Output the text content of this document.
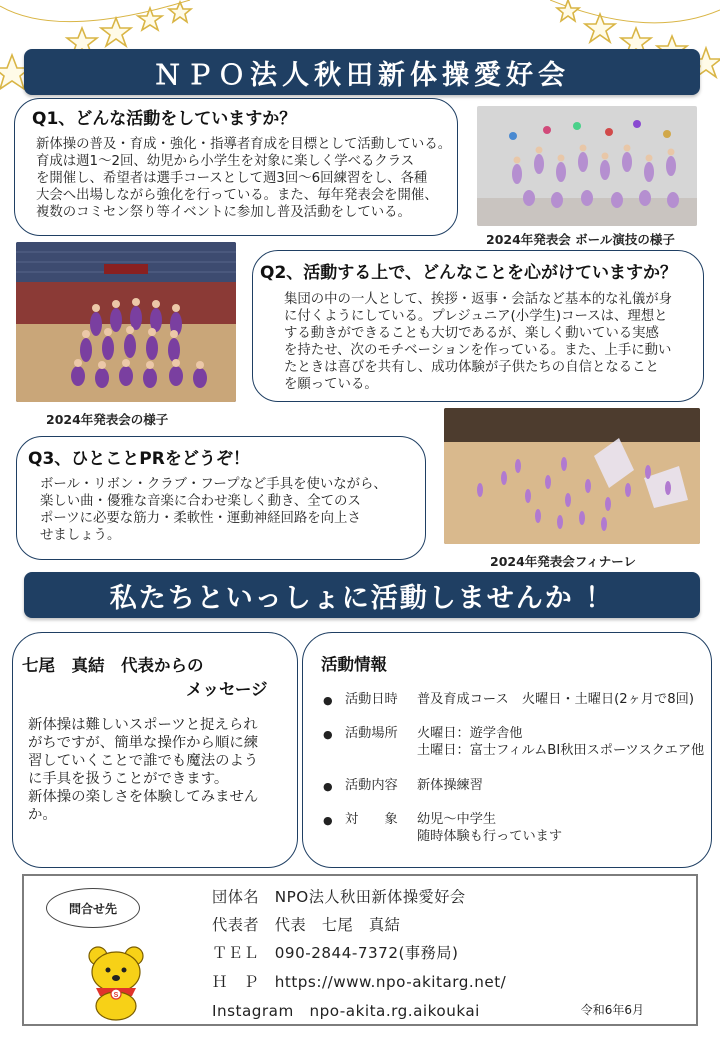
ＮＰＯ法人秋田新体操愛好会
Q1、どんな活動をしていますか？
新体操の普及・育成・強化・指導者育成を目標として活動している。
育成は週1～2回、幼児から小学生を対象に楽しく学べるクラス
を開催し、希望者は選手コースとして週3回～6回練習をし、各種
大会へ出場しながら強化を行っている。また、毎年発表会を開催、
複数のコミセン祭り等イベントに参加し普及活動をしている。
2024年発表会 ボール演技の様子
2024年発表会の様子
Q2、活動する上で、どんなことを心がけていますか？
集団の中の一人として、挨拶・返事・会話など基本的な礼儀が身
に付くようにしている。プレジュニア(小学生)コースは、理想と
する動きができることも大切であるが、楽しく動いている実感
を持たせ、次のモチベーションを作っている。また、上手に動い
たときは喜びを共有し、成功体験が子供たちの自信となること
を願っている。
Q3、ひとことPRをどうぞ！
ボール・リボン・クラブ・フープなど手具を使いながら、
楽しい曲・優雅な音楽に合わせ楽しく動き、全てのス
ポーツに必要な筋力・柔軟性・運動神経回路を向上さ
せましょう。
2024年発表会フィナーレ
私たちといっしょに活動しませんか ！
七尾　真結　代表からの
メッセージ
新体操は難しいスポーツと捉えられ
がちですが、簡単な操作から順に練
習していくことで誰でも魔法のよう
に手具を扱うことができます。
新体操の楽しさを体験してみません
か。
活動情報
● 活動日時	普及育成コース　火曜日・土曜日(2ヶ月で8回)
● 活動場所	火曜日：遊学舎他
土曜日：富士フィルムBI秋田スポーツスクエア他
● 活動内容	新体操練習
● 対　　象	幼児～中学生
随時体験も行っています
問合せ先
S
団体名　NPO法人秋田新体操愛好会
代表者　代表　七尾　真結
ＴＥＬ　090-2844-7372(事務局)
Ｈ　Ｐ　https://www.npo-akitarg.net/
Instagram　npo-akita.rg.aikoukai	令和6年6月
